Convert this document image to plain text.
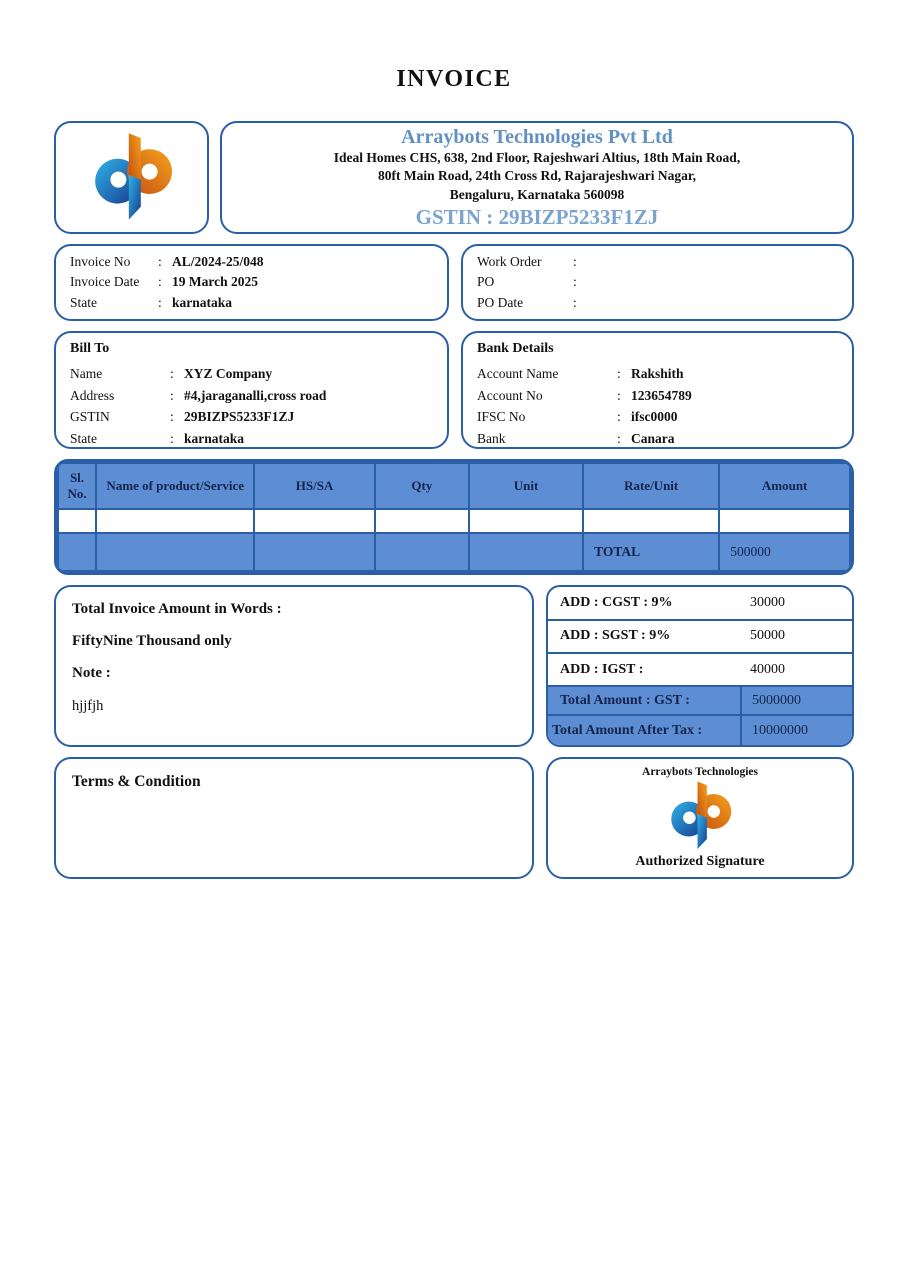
INVOICE
Arraybots Technologies Pvt Ltd
Ideal Homes CHS, 638, 2nd Floor, Rajeshwari Altius, 18th Main Road,
80ft Main Road, 24th Cross Rd, Rajarajeshwari Nagar,
Bengaluru, Karnataka 560098
GSTIN : 29BIZP5233F1ZJ
Invoice No	: AL/2024-25/048
Invoice Date	: 19 March 2025
State	: karnataka
Work Order	:
PO	:
PO Date	:
Bill To
Name	: XYZ Company
Address	: #4,jaraganalli,cross road
GSTIN	: 29BIZPS5233F1ZJ
State	: karnataka
Bank Details
Account Name	: Rakshith
Account No	: 123654789
IFSC No	: ifsc0000
Bank	: Canara
Sl. No.	Name of product/Service	HS/SA	Qty	Unit	Rate/Unit	Amount

					TOTAL	500000
Total Invoice Amount in Words :
FiftyNine Thousand only
Note :
hjjfjh
ADD : CGST : 9%	30000
ADD : SGST : 9%	50000
ADD : IGST :	40000
Total Amount : GST :	5000000
Total Amount After Tax :	10000000
Terms & Condition
Arraybots Technologies
Authorized Signature
